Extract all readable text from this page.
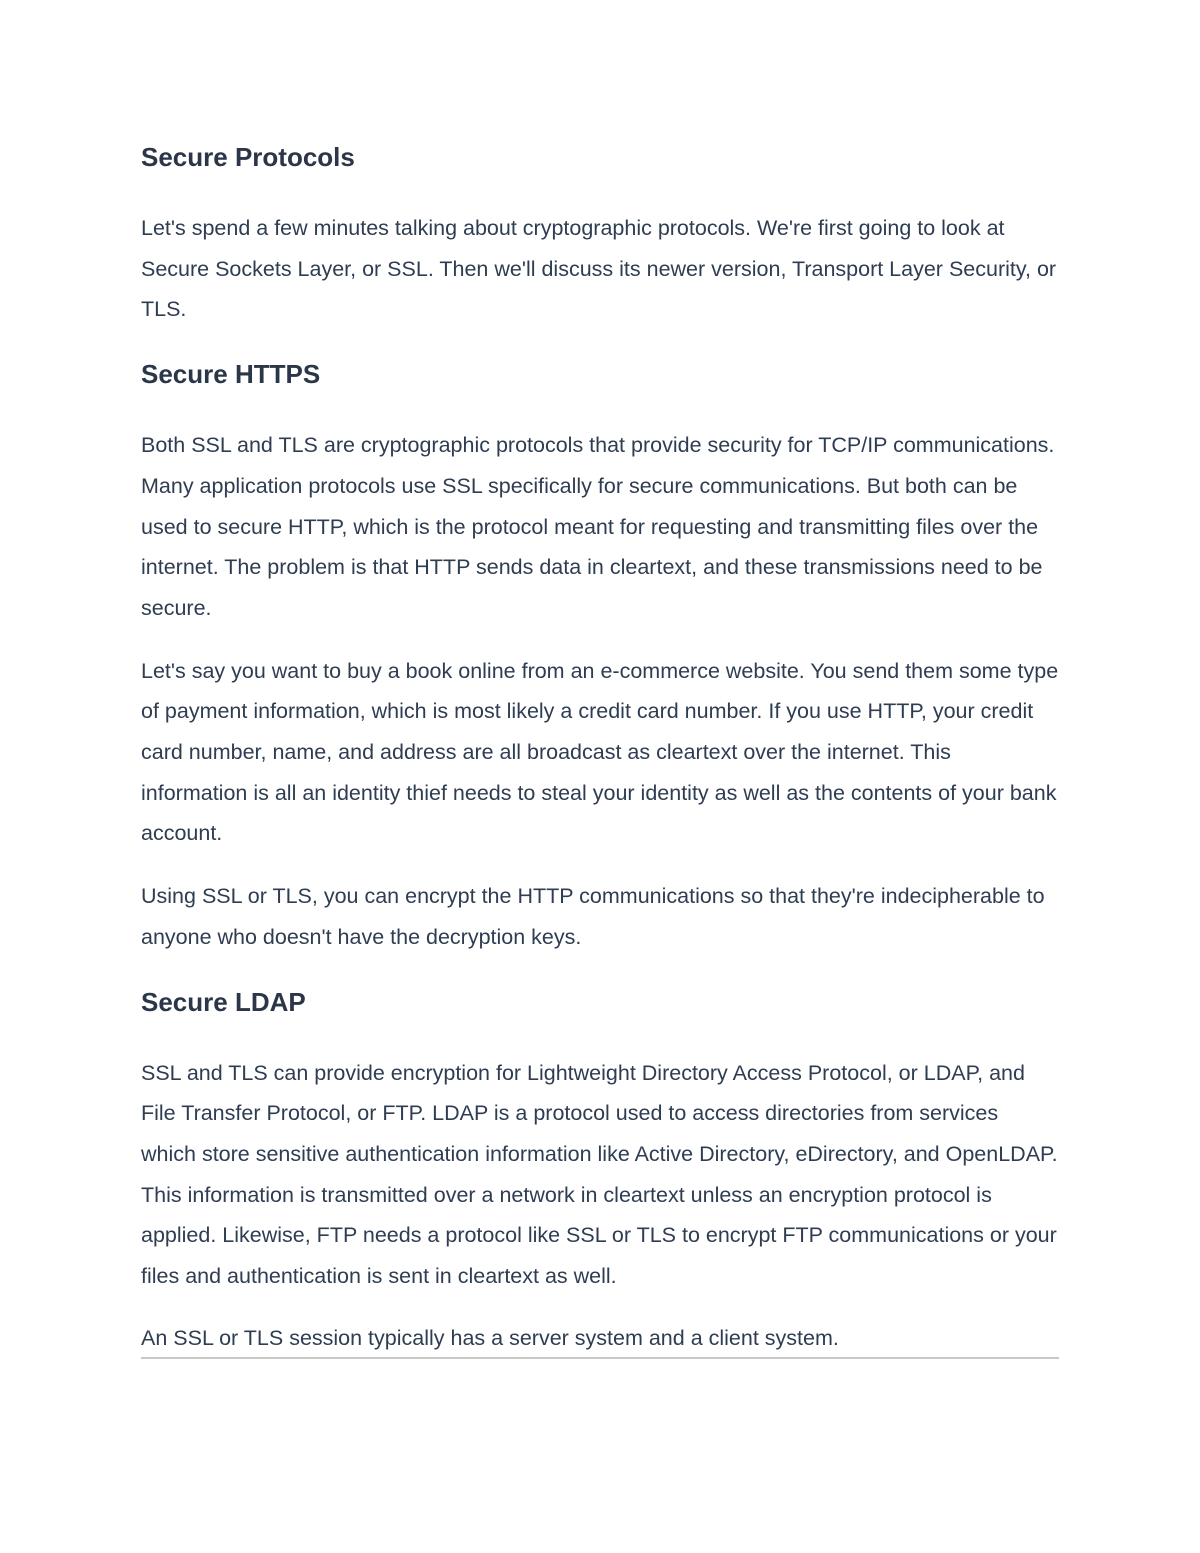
Secure Protocols

Let's spend a few minutes talking about cryptographic protocols. We're first going to look at Secure Sockets Layer, or SSL. Then we'll discuss its newer version, Transport Layer Security, or TLS.

Secure HTTPS

Both SSL and TLS are cryptographic protocols that provide security for TCP/IP communications. Many application protocols use SSL specifically for secure communications. But both can be used to secure HTTP, which is the protocol meant for requesting and transmitting files over the internet. The problem is that HTTP sends data in cleartext, and these transmissions need to be secure.

Let's say you want to buy a book online from an e-commerce website. You send them some type of payment information, which is most likely a credit card number. If you use HTTP, your credit card number, name, and address are all broadcast as cleartext over the internet. This information is all an identity thief needs to steal your identity as well as the contents of your bank account.

Using SSL or TLS, you can encrypt the HTTP communications so that they're indecipherable to anyone who doesn't have the decryption keys.

Secure LDAP

SSL and TLS can provide encryption for Lightweight Directory Access Protocol, or LDAP, and File Transfer Protocol, or FTP. LDAP is a protocol used to access directories from services which store sensitive authentication information like Active Directory, eDirectory, and OpenLDAP. This information is transmitted over a network in cleartext unless an encryption protocol is applied. Likewise, FTP needs a protocol like SSL or TLS to encrypt FTP communications or your files and authentication is sent in cleartext as well.

An SSL or TLS session typically has a server system and a client system.
